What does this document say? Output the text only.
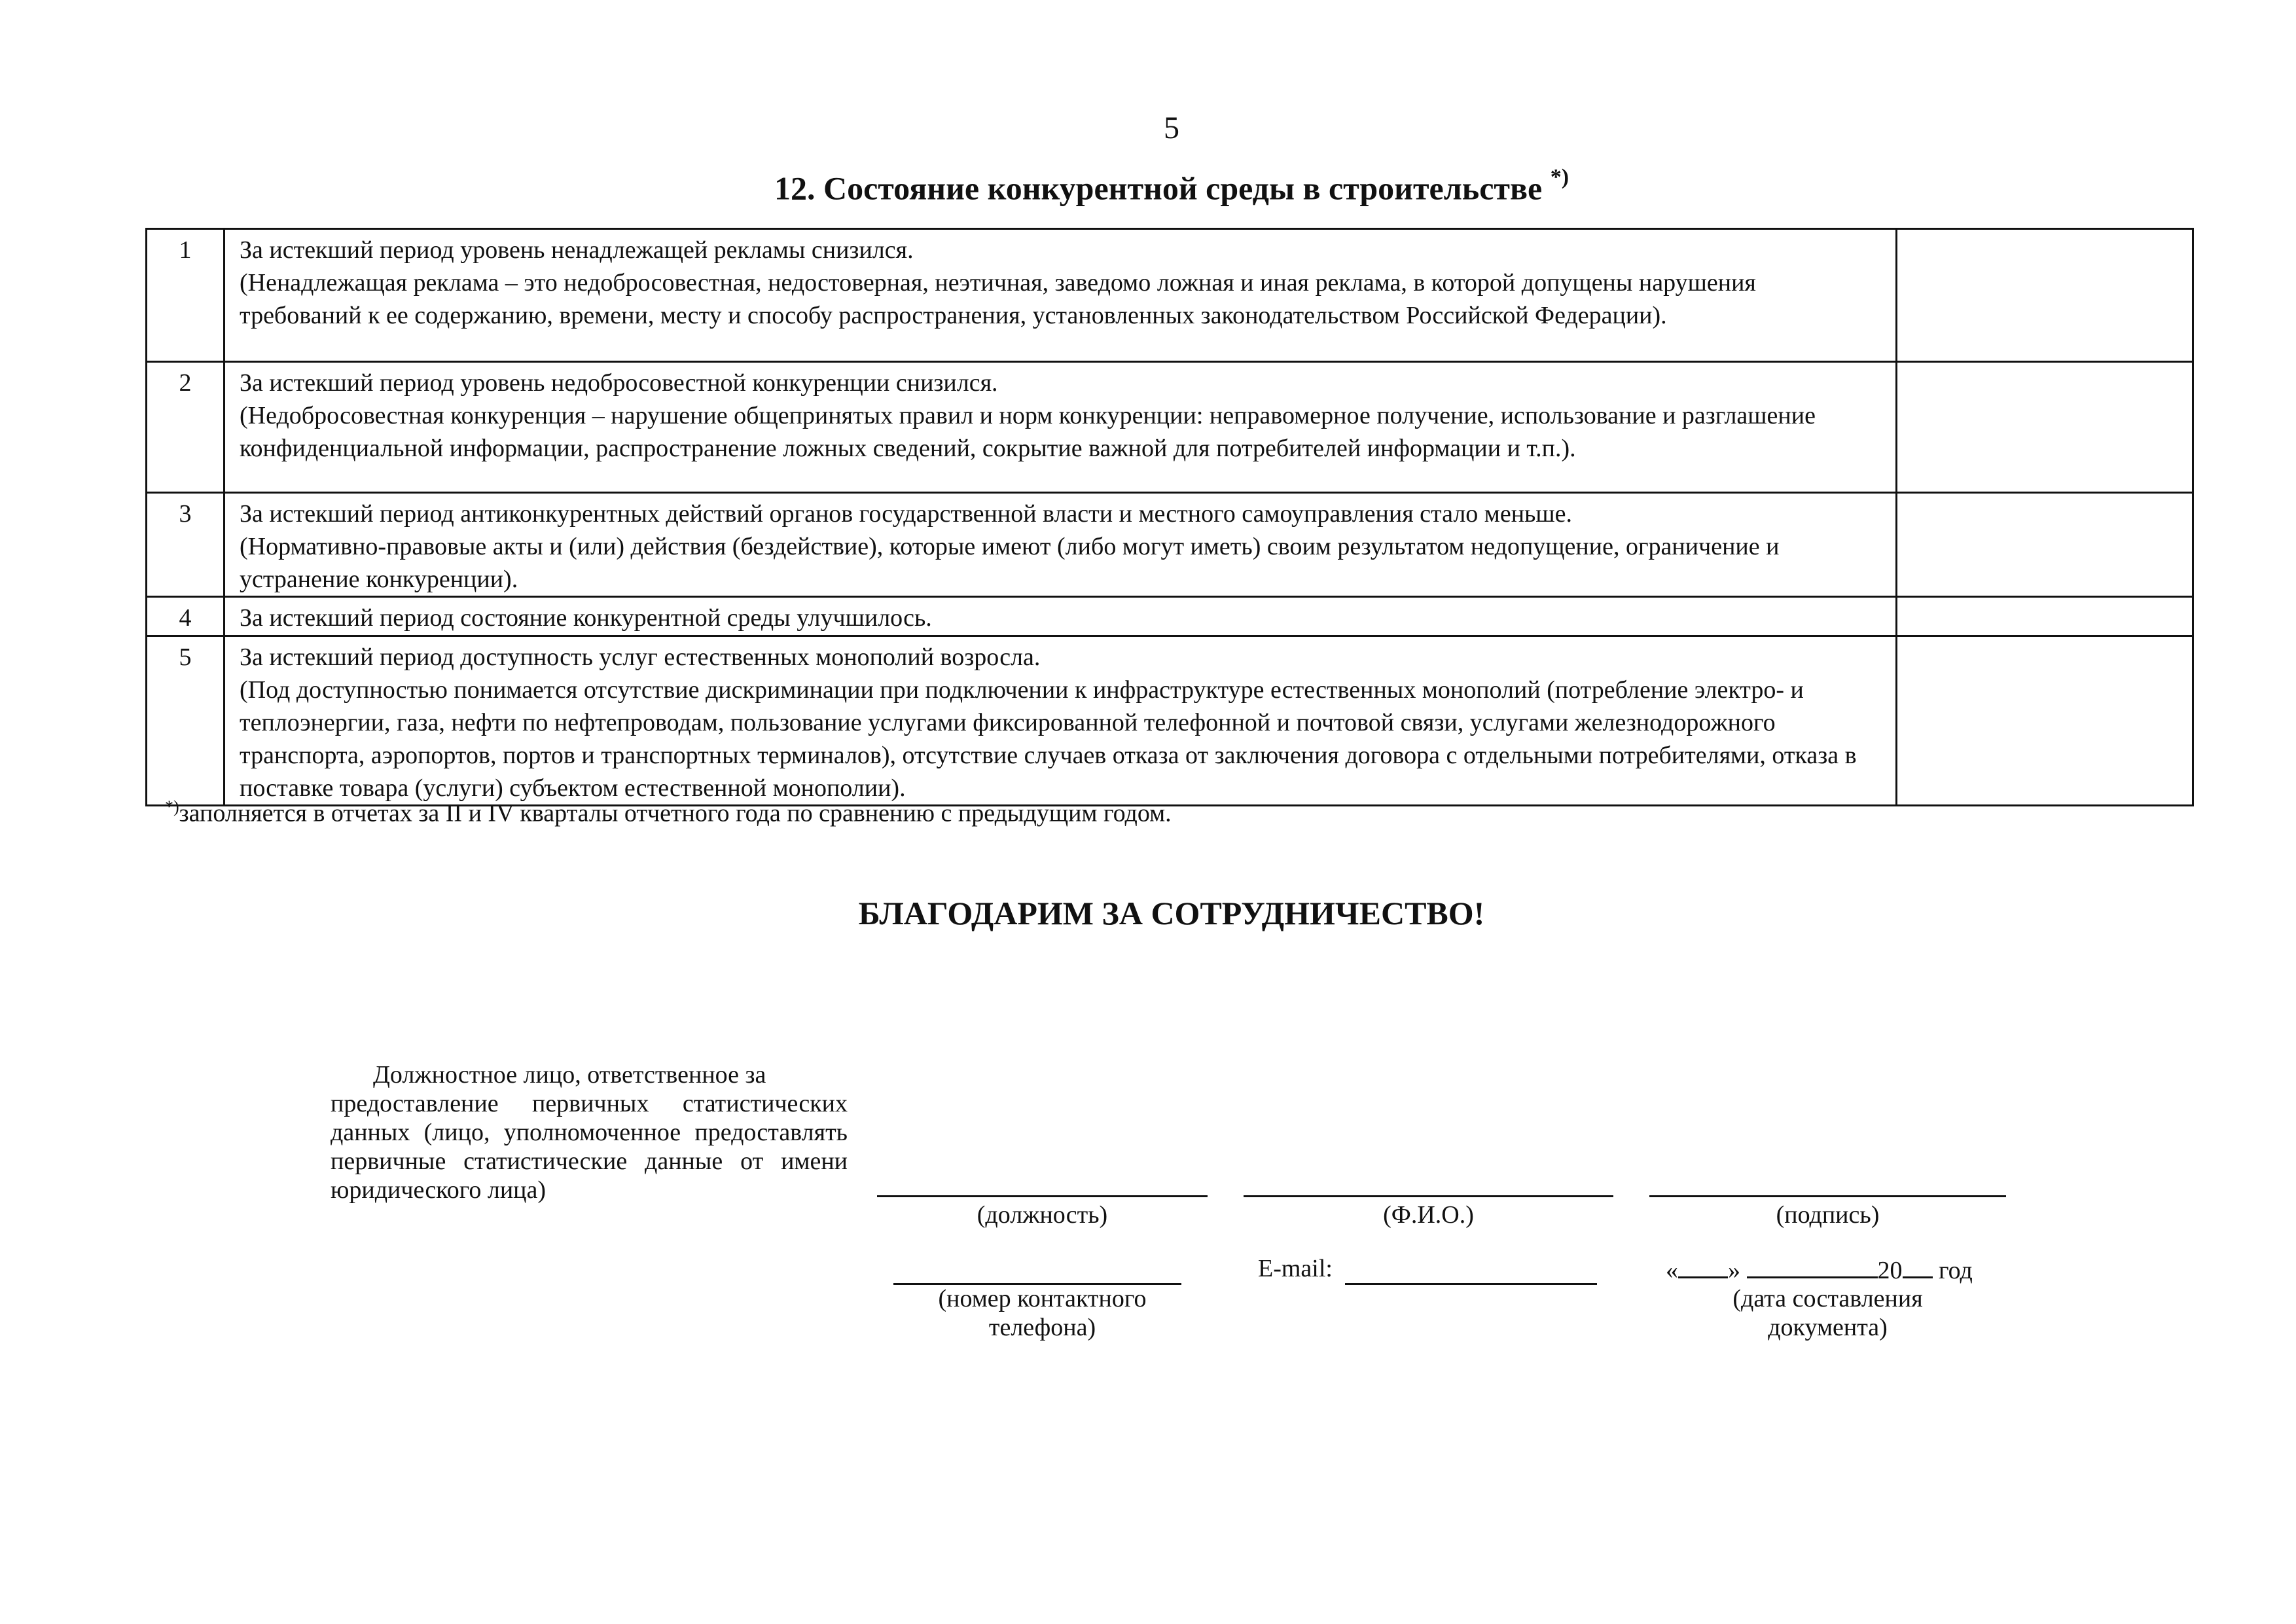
5
12. Состояние конкурентной среды в строительстве *)
1	За истекший период уровень ненадлежащей рекламы снизился.
(Ненадлежащая реклама – это недобросовестная, недостоверная, неэтичная, заведомо ложная и иная реклама, в которой допущены нарушения требований к ее содержанию, времени, месту и способу распространения, установленных законодательством Российской Федерации).	
2	За истекший период уровень недобросовестной конкуренции снизился.
(Недобросовестная конкуренция – нарушение общепринятых правил и норм конкуренции: неправомерное получение, использование и разглашение конфиденциальной информации, распространение ложных сведений, сокрытие важной для потребителей информации и т.п.).	
3	За истекший период антиконкурентных действий органов государственной власти и местного самоуправления стало меньше.
(Нормативно-правовые акты и (или) действия (бездействие), которые имеют (либо могут иметь) своим результатом недопущение, ограничение и устранение конкуренции).	
4	За истекший период состояние конкурентной среды улучшилось.	
5	За истекший период доступность услуг естественных монополий возросла.
(Под доступностью понимается отсутствие дискриминации при подключении к инфраструктуре естественных монополий (потребление электро- и теплоэнергии, газа, нефти по нефтепроводам, пользование услугами фиксированной телефонной и почтовой связи, услугами железнодорожного транспорта, аэропортов, портов и транспортных терминалов), отсутствие случаев отказа от заключения договора с отдельными потребителями, отказа в поставке товара (услуги) субъектом естественной монополии).	
*)заполняется в отчетах за II и IV кварталы отчетного года по сравнению с предыдущим годом.
БЛАГОДАРИМ ЗА СОТРУДНИЧЕСТВО!
Должностное лицо, ответственное за
предоставление первичных статистических данных (лицо, уполномоченное предоставлять первичные статистические данные от имени юридического лица)
(должность)	(Ф.И.О.)	(подпись)
(номер контактного
телефона)
E-mail:	« »	20 год
(дата составления
документа)
